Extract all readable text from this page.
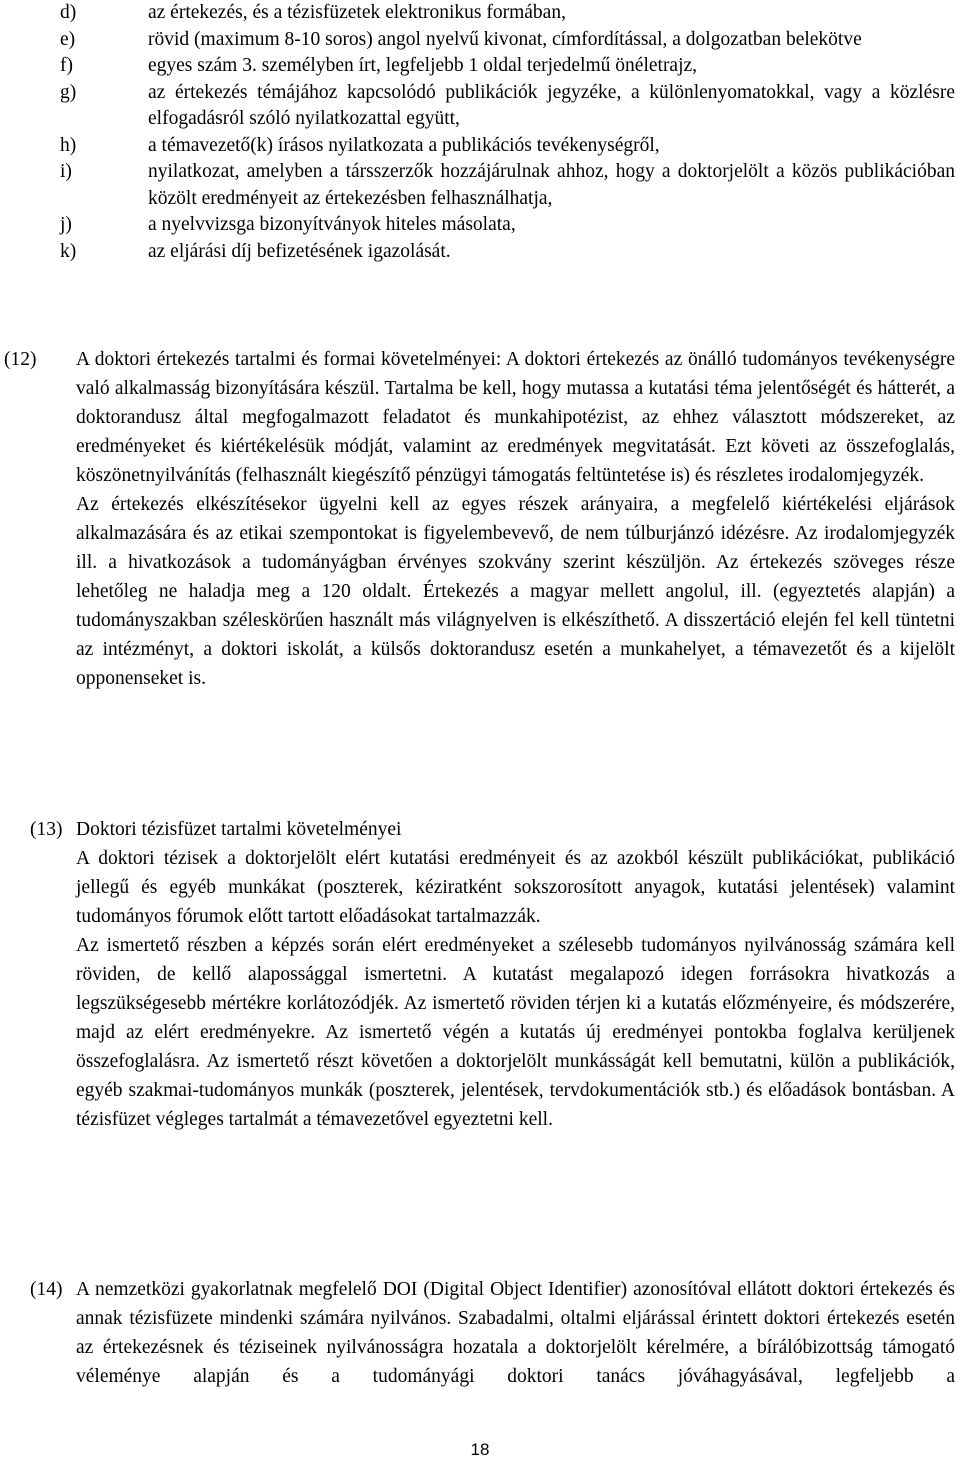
d)	az értekezés, és a tézisfüzetek elektronikus formában,
e)	rövid (maximum 8-10 soros) angol nyelvű kivonat, címfordítással, a dolgozatban belekötve
f)	egyes szám 3. személyben írt, legfeljebb 1 oldal terjedelmű önéletrajz,
g)	az értekezés témájához kapcsolódó publikációk jegyzéke, a különlenyomatokkal, vagy a közlésre elfogadásról szóló nyilatkozattal együtt,
h)	a témavezető(k) írásos nyilatkozata a publikációs tevékenységről,
i)	nyilatkozat, amelyben a társszerzők hozzájárulnak ahhoz, hogy a doktorjelölt a közös publikációban közölt eredményeit az értekezésben felhasználhatja,
j)	a nyelvvizsga bizonyítványok hiteles másolata,
k)	az eljárási díj befizetésének igazolását.
(12) A doktori értekezés tartalmi és formai követelményei: A doktori értekezés az önálló tudományos tevékenységre való alkalmasság bizonyítására készül. Tartalma be kell, hogy mutassa a kutatási téma jelentőségét és hátterét, a doktorandusz által megfogalmazott feladatot és munkahipotézist, az ehhez választott módszereket, az eredményeket és kiértékelésük módját, valamint az eredmények megvitatását. Ezt követi az összefoglalás, köszönetnyilvánítás (felhasznált kiegészítő pénzügyi támogatás feltüntetése is) és részletes irodalomjegyzék.

Az értekezés elkészítésekor ügyelni kell az egyes részek arányaira, a megfelelő kiértékelési eljárások alkalmazására és az etikai szempontokat is figyelembevevő, de nem túlburjánzó idézésre. Az irodalomjegyzék ill. a hivatkozások a tudományágban érvényes szokvány szerint készüljön. Az értekezés szöveges része lehetőleg ne haladja meg a 120 oldalt. Értekezés a magyar mellett angolul, ill. (egyeztetés alapján) a tudományszakban széleskörűen használt más világnyelven is elkészíthető. A disszertáció elején fel kell tüntetni az intézményt, a doktori iskolát, a külsős doktorandusz esetén a munkahelyet, a témavezetőt és a kijelölt opponenseket is.

(13) Doktori tézisfüzet tartalmi követelményei

A doktori tézisek a doktorjelölt elért kutatási eredményeit és az azokból készült publikációkat, publikáció jellegű és egyéb munkákat (poszterek, kéziratként sokszorosított anyagok, kutatási jelentések) valamint tudományos fórumok előtt tartott előadásokat tartalmazzák.

Az ismertető részben a képzés során elért eredményeket a szélesebb tudományos nyilvánosság számára kell röviden, de kellő alapossággal ismertetni. A kutatást megalapozó idegen forrásokra hivatkozás a legszükségesebb mértékre korlátozódjék. Az ismertető röviden térjen ki a kutatás előzményeire, és módszerére, majd az elért eredményekre. Az ismertető végén a kutatás új eredményei pontokba foglalva kerüljenek összefoglalásra. Az ismertető részt követően a doktorjelölt munkásságát kell bemutatni, külön a publikációk, egyéb szakmai-tudományos munkák (poszterek, jelentések, tervdokumentációk stb.) és előadások bontásban. A tézisfüzet végleges tartalmát a témavezetővel egyeztetni kell.

(14) A nemzetközi gyakorlatnak megfelelő DOI (Digital Object Identifier) azonosítóval ellátott doktori értekezés és annak tézisfüzete mindenki számára nyilvános. Szabadalmi, oltalmi eljárással érintett doktori értekezés esetén az értekezésnek és téziseinek nyilvánosságra hozatala a doktorjelölt kérelmére, a bírálóbizottság támogató véleménye alapján és a tudományági doktori tanács jóváhagyásával, legfeljebb a

18
